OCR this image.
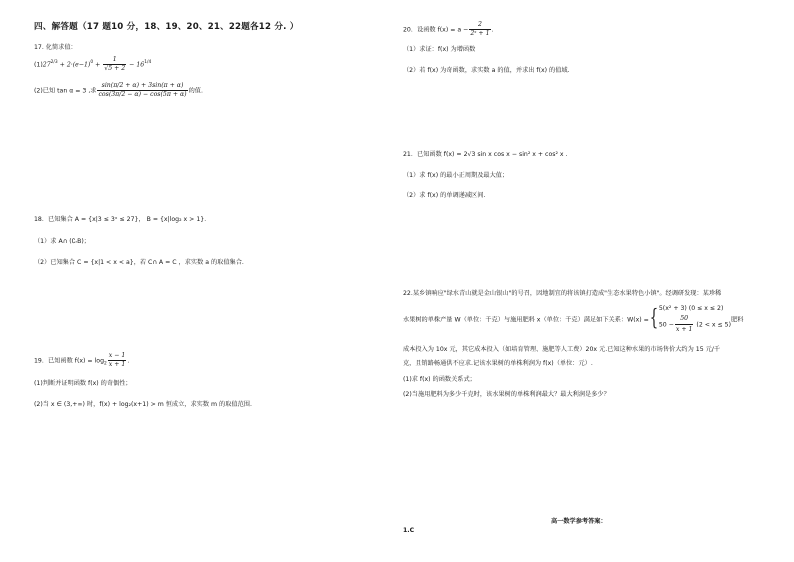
四、解答题（17 题10 分，18、19、20、21、22题各12 分. ）
17. 化简求值：
$(1)27^{2/3} + 2\cdot(e-1)^0 + \frac{1}{√5 + 2} - 16^{1/4}$
(2)已知 tan α = 3 ,求 $\frac{\sin(\pi/2 + \alpha) + 3\sin(\pi + \alpha)}{\cos(3\pi/2 - \alpha) - \cos(5\pi + \alpha)}$ 的值.
18．已知集合 A = {x|3 ≤ 3ˣ ≤ 27}， B = {x|log₂ x > 1}．
（1）求 A∩ (∁ᵣB)；
（2）已知集合 C = {x|1 < x < a}，若 C∩ A = C ，求实数 a 的取值集合.
19．已知函数 $f(x) = \log_2 \frac{x - 1}{x + 1}$ .
(1)判断并证明函数 f(x) 的奇偶性；
(2)当 x ∈ (3,+∞) 时，f(x) + log₂(x+1) > m 恒成立，求实数 m 的取值范围.
20．设函数 $f(x) = a - \frac{2}{\text{2ˣ + 1}}$ .
（1）求证：f(x) 为增函数
（2）若 f(x) 为奇函数，求实数 a 的值，并求出 f(x) 的值域.
21．已知函数 f(x) = 2√3 sin x cos x − sin² x + cos² x .
（1）求 f(x) 的最小正周期及最大值；
（2）求 f(x) 的单调递减区间.
22.某乡镇响应"绿水青山就是金山银山"的号召，因地制宜的将该镇打造成"生态水果特色小镇"。经调研发现：某珍稀
水果树的单株产量 W（单位：千克）与施用肥料 x（单位：千克）满足如下关系：W(x) ={ 5(x² + 3) (0 ≤ x ≤ 2)
$50 - \frac{50}{x + 1} (2 < x \le 5)$
肥料
成本投入为 10x 元，其它成本投入（如培育管理、施肥等人工费）20x 元.已知这种水果的市场售价大约为 15 元/千
克，且销路畅通供不应求.记该水果树的单株利润为 f(x)（单位：元）.
(1)求 f(x) 的函数关系式；
(2)当施用肥料为多少千克时，该水果树的单株利润最大？最大利润是多少？
高一数学参考答案：
1.C
